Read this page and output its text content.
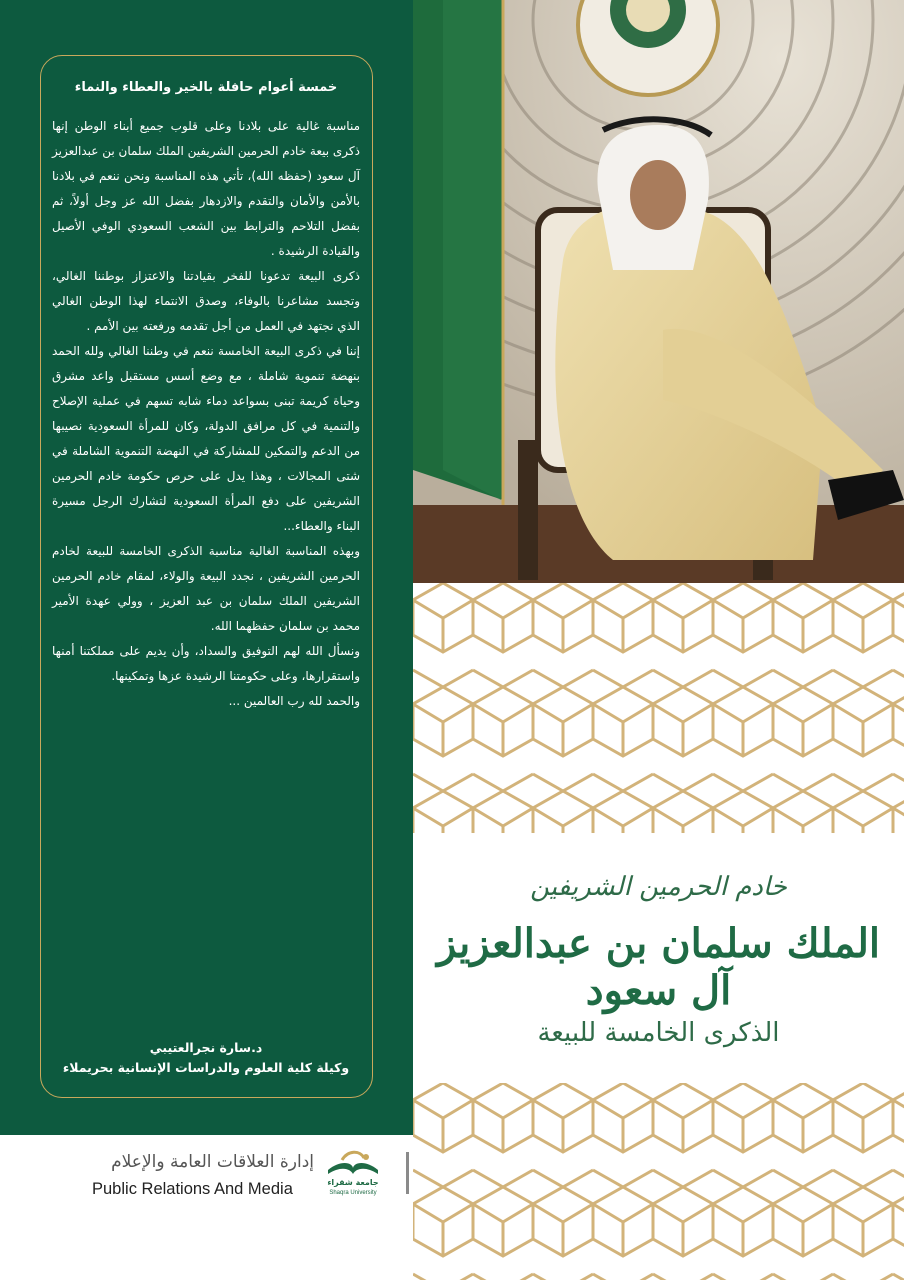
خمسة أعوام حافلة بالخير والعطاء والنماء

مناسبة غالية على بلادنا وعلى قلوب جميع أبناء الوطن إنها ذكرى بيعة خادم الحرمين الشريفين الملك سلمان بن عبدالعزيز آل سعود (حفظه الله)، تأتي هذه المناسبة ونحن ننعم في بلادنا بالأمن والأمان والتقدم والازدهار بفضل الله عز وجل أولاً، ثم بفضل التلاحم والترابط بين الشعب السعودي الوفي الأصيل والقيادة الرشيدة .

ذكرى البيعة تدعونا للفخر بقيادتنا والاعتزاز بوطننا الغالي، وتجسد مشاعرنا بالوفاء، وصدق الانتماء لهذا الوطن الغالي الذي نجتهد في العمل من أجل تقدمه ورفعته بين الأمم .

إننا في ذكرى البيعة الخامسة ننعم في وطننا الغالي ولله الحمد بنهضة تنموية شاملة ، مع وضع أسس مستقبل واعد مشرق وحياة كريمة تبنى بسواعد دماء شابه تسهم في عملية الإصلاح والتنمية في كل مرافق الدولة، وكان للمرأة السعودية نصيبها من الدعم والتمكين للمشاركة في النهضة التنموية الشاملة في شتى المجالات ، وهذا يدل على حرص حكومة خادم الحرمين الشريفين على دفع المرأة السعودية لتشارك الرجل مسيرة البناء والعطاء...

وبهذه المناسبة الغالية مناسبة الذكرى الخامسة للبيعة لخادم الحرمين الشريفين ، نجدد البيعة والولاء، لمقام خادم الحرمين الشريفين الملك سلمان بن عبد العزيز ، وولي عهدة الأمير محمد بن سلمان حفظهما الله.

ونسأل الله لهم التوفيق والسداد، وأن يديم على مملكتنا أمنها واستقرارها، وعلى حكومتنا الرشيدة عزها وتمكينها.

والحمد لله رب العالمين ...

د.سارة نجرالعتيبي
وكيلة كلية العلوم والدراسات الإنسانية بحريملاء
خادم الحرمين الشريفين
الملك سلمان بن عبدالعزيز آل سعود
الذكرى الخامسة للبيعة
جامعة شقراء
Shaqra University
إدارة العلاقات العامة والإعلام
Public Relations And Media
